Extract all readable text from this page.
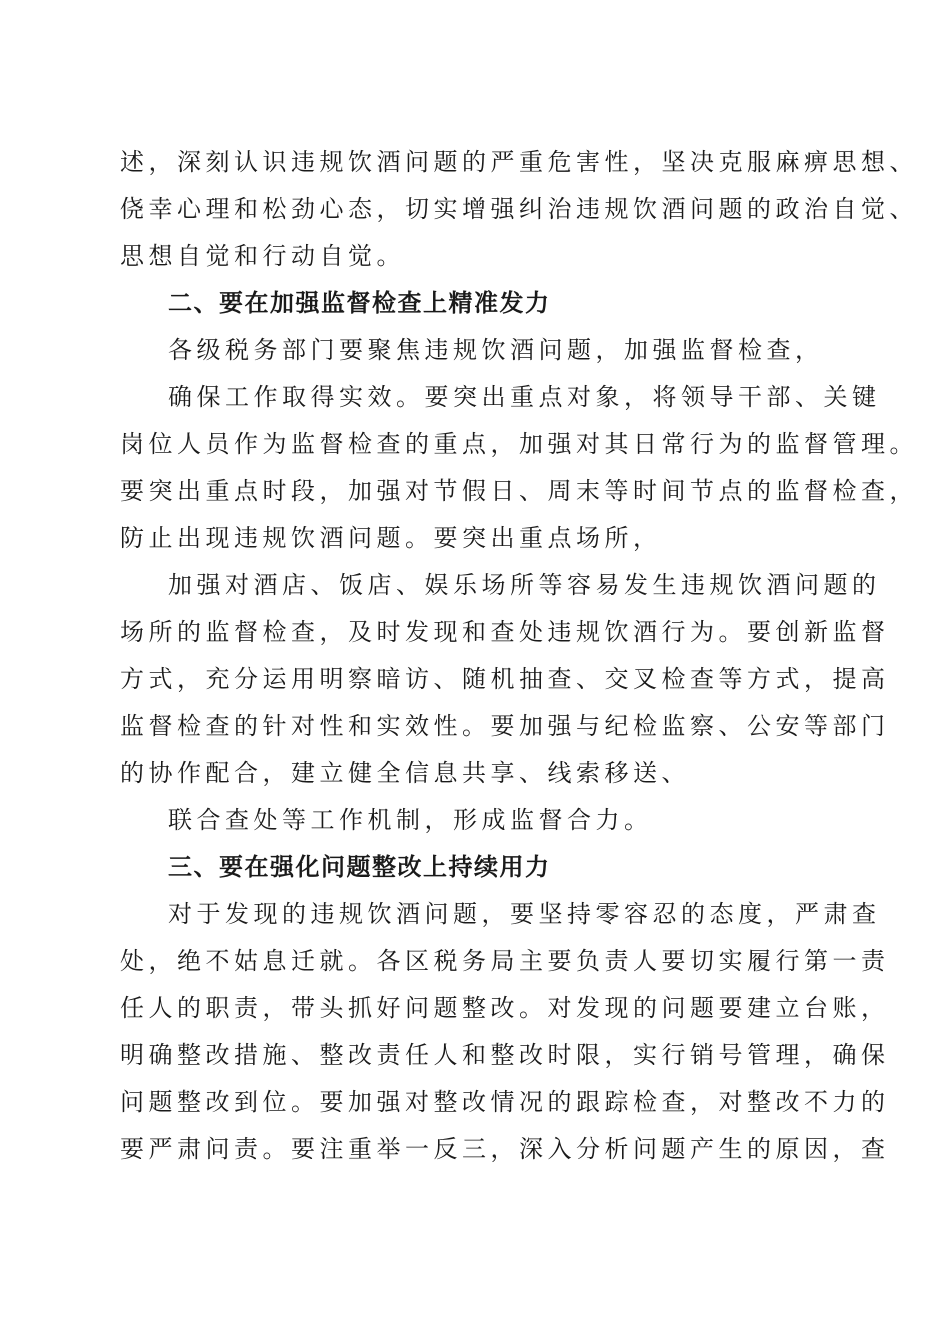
述，深刻认识违规饮酒问题的严重危害性，坚决克服麻痹思想、
侥幸心理和松劲心态，切实增强纠治违规饮酒问题的政治自觉、
思想自觉和行动自觉。
二、要在加强监督检查上精准发力
各级税务部门要聚焦违规饮酒问题，加强监督检查，
确保工作取得实效。要突出重点对象，将领导干部、关键
岗位人员作为监督检查的重点，加强对其日常行为的监督管理。
要突出重点时段，加强对节假日、周末等时间节点的监督检查，
防止出现违规饮酒问题。要突出重点场所，
加强对酒店、饭店、娱乐场所等容易发生违规饮酒问题的
场所的监督检查，及时发现和查处违规饮酒行为。要创新监督
方式，充分运用明察暗访、随机抽查、交叉检查等方式，提高
监督检查的针对性和实效性。要加强与纪检监察、公安等部门
的协作配合，建立健全信息共享、线索移送、
联合查处等工作机制，形成监督合力。
三、要在强化问题整改上持续用力
对于发现的违规饮酒问题，要坚持零容忍的态度，严肃查
处，绝不姑息迁就。各区税务局主要负责人要切实履行第一责
任人的职责，带头抓好问题整改。对发现的问题要建立台账，
明确整改措施、整改责任人和整改时限，实行销号管理，确保
问题整改到位。要加强对整改情况的跟踪检查，对整改不力的
要严肃问责。要注重举一反三，深入分析问题产生的原因，查
